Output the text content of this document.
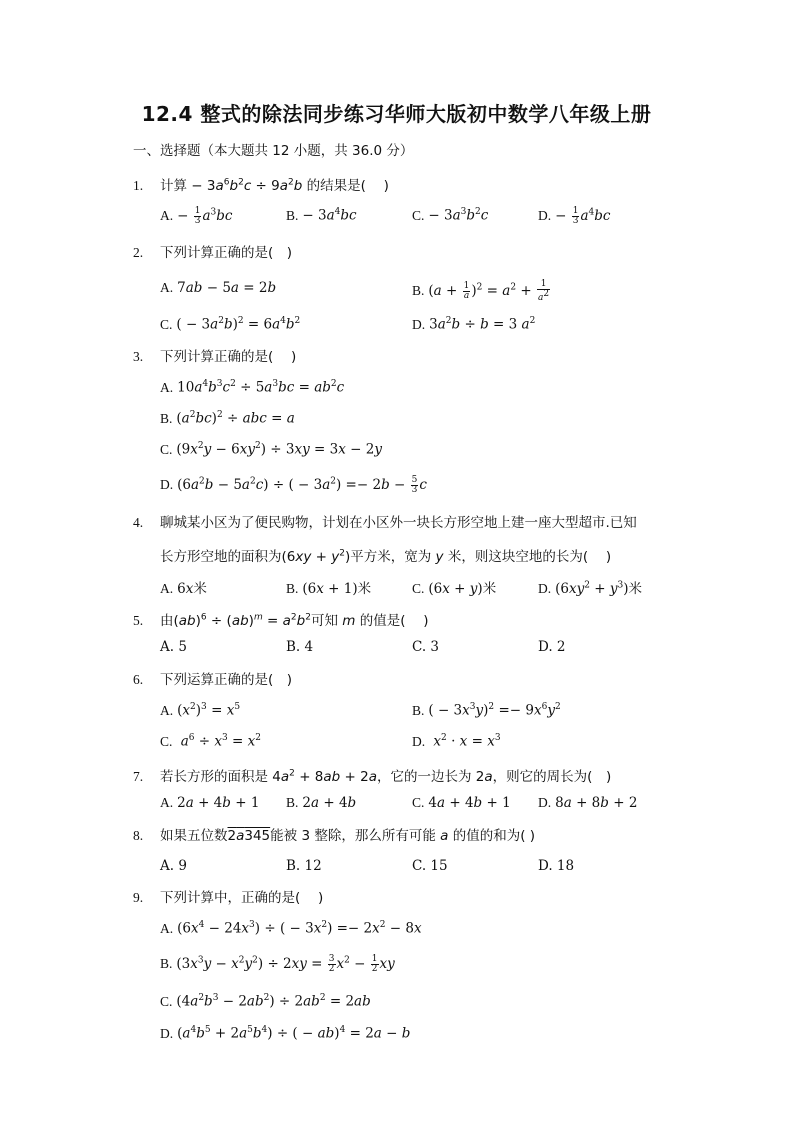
12.4 整式的除法同步练习华师大版初中数学八年级上册
一、选择题（本大题共 12 小题，共 36.0 分）
1. 计算 − $3a^6b^2c \div 9a^2b$ 的结果是(　 )
A. − $\frac{1}{3} a^3bc$	B. − $3a^4bc$	C. − $3a^3b^2c$	D. − $\frac{1}{3} a^4bc$
2. 下列计算正确的是(　)
A. 7ab − 5a = 2b	B. $(a + \frac{1}{a} )^2 = a^2 + \frac{1}{a^2}$
C. ( − $3a^2b)^2 = 6a^4b^2$	D. $3a^2b \div b = 3$ $a^2$
3. 下列计算正确的是(　 )
A. $10a^4b^3c^2 \div 5a^3bc = ab^2c$
B. $(a^2bc)^2$ ÷ abc = a
C. $(9x^2y - 6xy^2) \div 3xy = 3x - 2y$
D. $(6a^2b - 5a^2c)$ ÷ ( − $3a^2) =- 2b - \frac{5}{3}$ c
4. 聊城某小区为了便民购物，计划在小区外一块长方形空地上建一座大型超市.已知
长方形空地的面积为$(6xy + y^2)$平方米，宽为 y 米，则这块空地的长为(　 )
A. 6x米	B. (6x + 1)米	C. (6x + y)米	D. $(6xy^2 + y^3)$米
5. 由$(ab)^6 \div (ab)^m = a^2b^2$可知 m 的值是(　 )
A. 5	B. 4	C. 3	D. 2
6. 下列运算正确的是(　)
A. $(x^2)^3 = x^5$	B. ( − $3x^3y)^2 =- 9x^6y^2$
C. $a^6 \div x^3 = x^2$	D. $x^2 \cdot x = x^3$
7. 若长方形的面积是 $4a^2 + 8ab + 2a$，它的一边长为 2a，则它的周长为(　)
A. 2a + 4b + 1 B. 2a + 4b	C. 4a + 4b + 1 D. 8a + 8b + 2
8. 如果五位数2a345能被 3 整除，那么所有可能 a 的值的和为( )
A. 9	B. 12	C. 15	D. 18
9. 下列计算中，正确的是(　 )
A. $(6x^4 - 24x^3)$ ÷ ( − $3x^2) =- 2x^2 - 8x$
B. $(3x^3y - x^2y^2) \div 2xy = \frac{3}{2} x^2 - \frac{1}{2}$ xy
C. $(4a^2b^3 - 2ab^2) \div 2ab^2 = 2ab$
D. $(a^4b^5 + 2a^5b^4)$ ÷ ( − ab)$^4$ = 2a − b
